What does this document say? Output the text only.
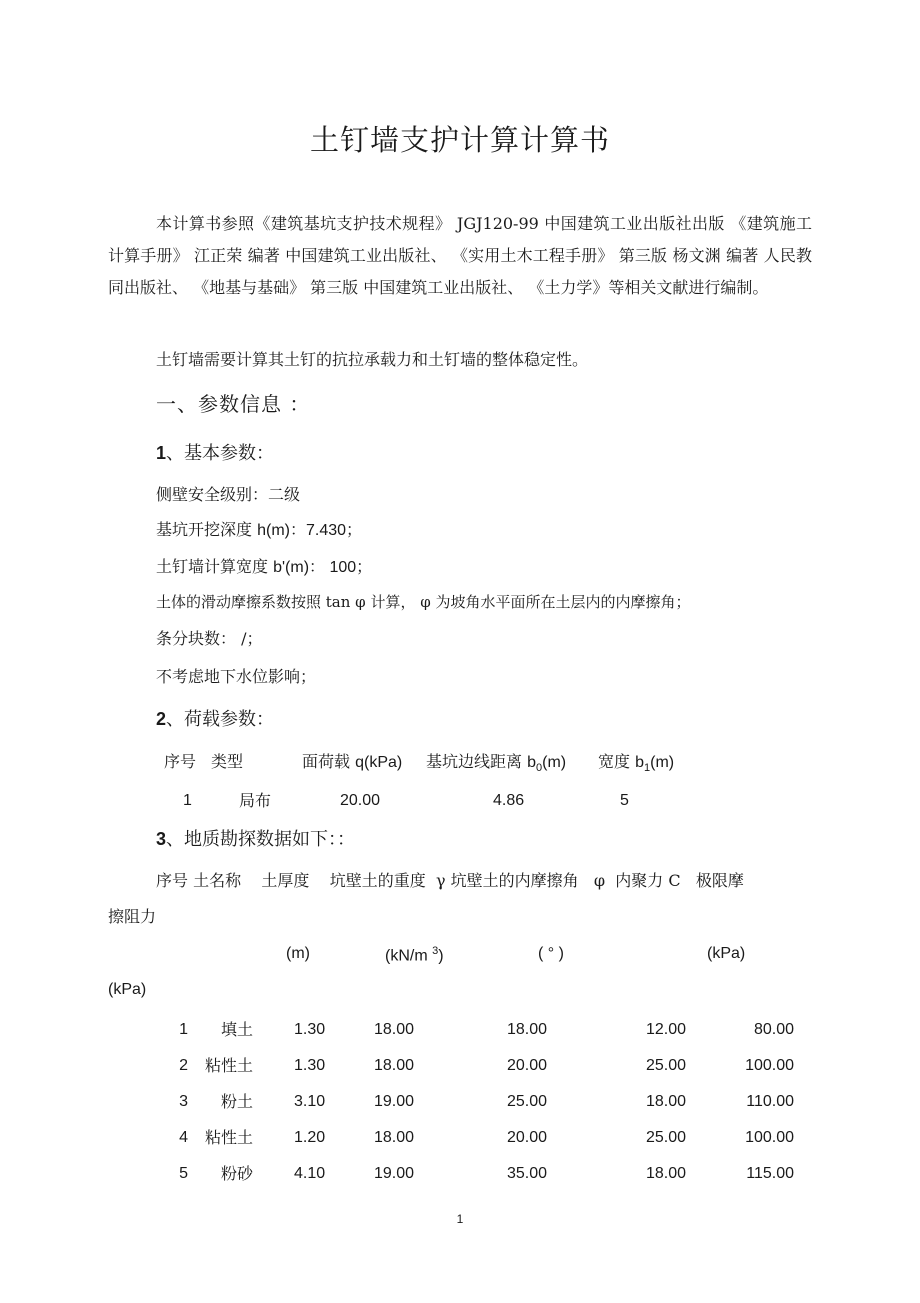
土钉墙支护计算计算书
本计算书参照《建筑基坑支护技术规程》 JGJ120-99 中国建筑工业出版社出版 《建筑施工计算手册》 江正荣 编著 中国建筑工业出版社、 《实用土木工程手册》 第三版 杨文渊 编著 人民教同出版社、 《地基与基础》 第三版 中国建筑工业出版社、 《土力学》等相关文献进行编制。
土钉墙需要计算其土钉的抗拉承载力和土钉墙的整体稳定性。
一、参数信息 ：
1、基本参数：
侧壁安全级别：二级
基坑开挖深度 h(m)：7.430；
土钉墙计算宽度 b'(m)： 100；
土体的滑动摩擦系数按照 tan φ 计算， φ 为坡角水平面所在土层内的内摩擦角；
条分块数： /；
不考虑地下水位影响；
2、荷载参数：
序号 类型	面荷载 q(kPa) 基坑边线距离 $b_0(m)$ 宽度 $b_1(m)$
1	局布	20.00	4.86	5
3、地质勘探数据如下：：
序号 土名称    土厚度    坑壁土的重度  γ 坑壁土的内摩擦角   φ  内聚力 C   极限摩
擦阻力
(m)	(kN/m $^3$)	( ° )	(kPa)
(kPa)
1	填土	1.30	18.00	18.00	12.00	80.00
2	粘性土	1.30	18.00	20.00	25.00	100.00
3	粉土	3.10	19.00	25.00	18.00	110.00
4	粘性土	1.20	18.00	20.00	25.00	100.00
5	粉砂	4.10	19.00	35.00	18.00	115.00
1
